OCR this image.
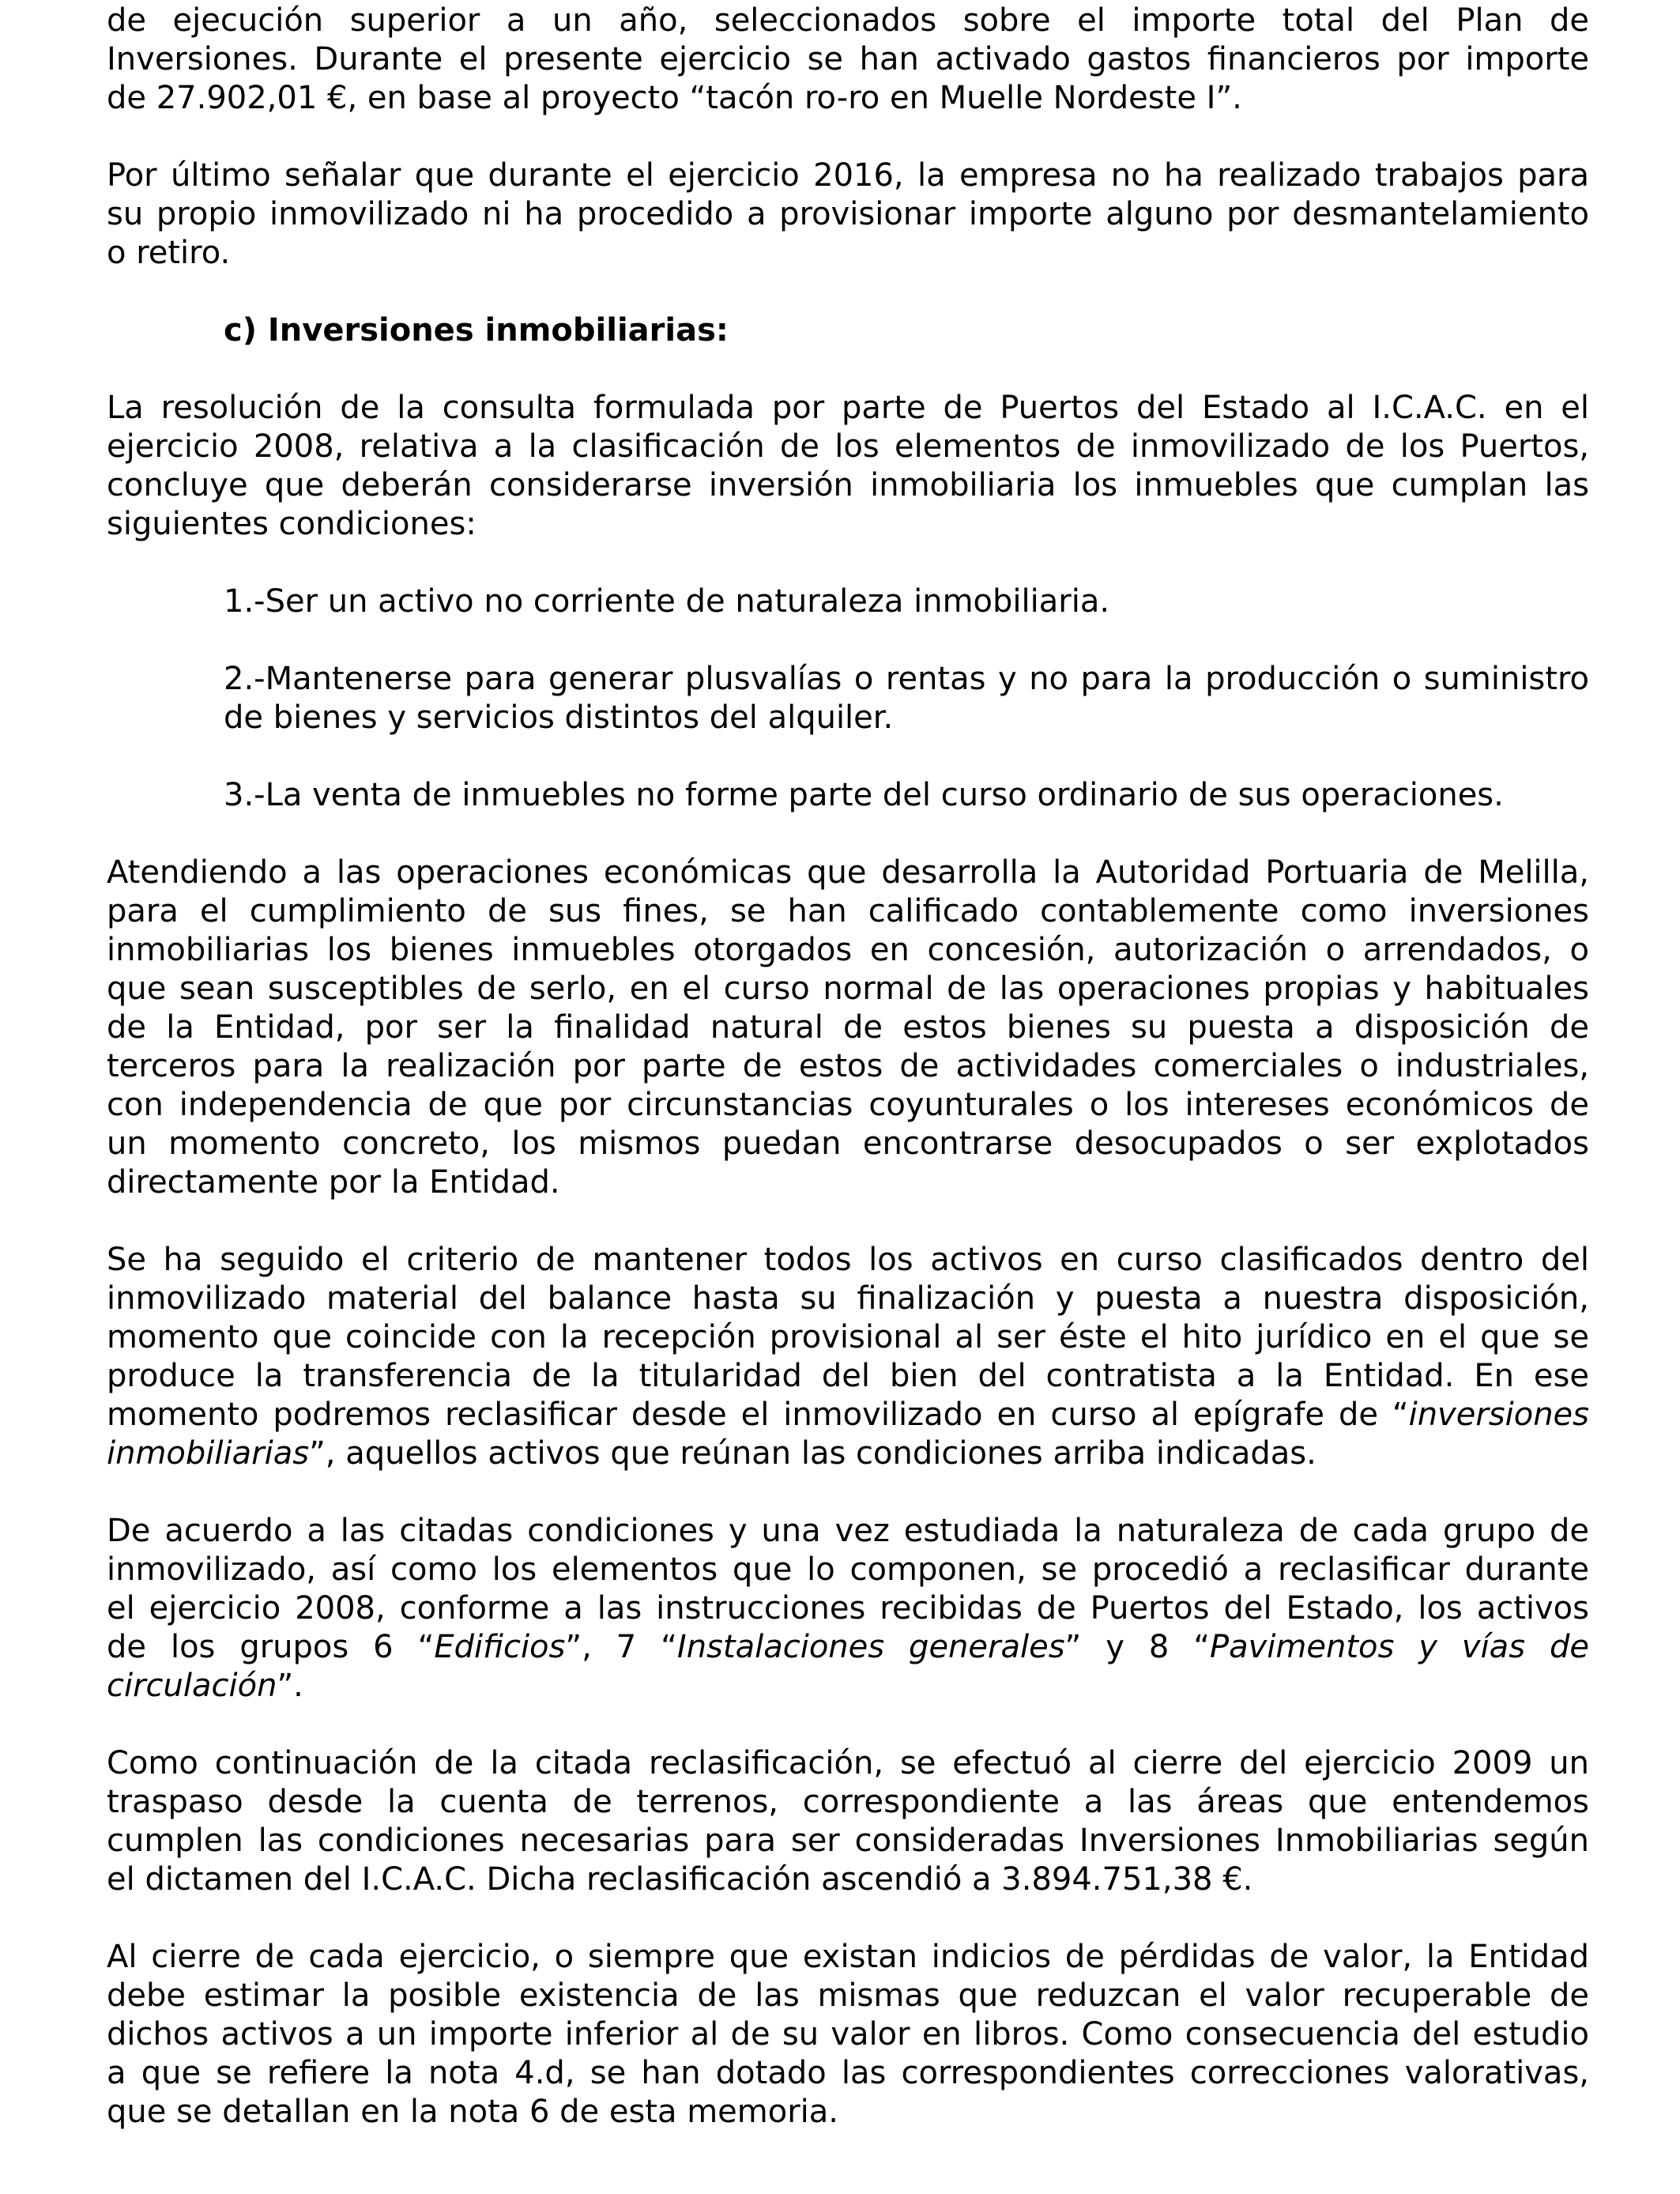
de ejecución superior a un año, seleccionados sobre el importe total del Plan de

Inversiones. Durante el presente ejercicio se han activado gastos financieros por importe

de 27.902,01 €, en base al proyecto “tacón ro-ro en Muelle Nordeste I”.

Por último señalar que durante el ejercicio 2016, la empresa no ha realizado trabajos para

su propio inmovilizado ni ha procedido a provisionar importe alguno por desmantelamiento

o retiro.

c) Inversiones inmobiliarias:

La resolución de la consulta formulada por parte de Puertos del Estado al I.C.A.C. en el

ejercicio 2008, relativa a la clasificación de los elementos de inmovilizado de los Puertos,

concluye que deberán considerarse inversión inmobiliaria los inmuebles que cumplan las

siguientes condiciones:

1.-Ser un activo no corriente de naturaleza inmobiliaria.

2.-Mantenerse para generar plusvalías o rentas y no para la producción o suministro

de bienes y servicios distintos del alquiler.

3.-La venta de inmuebles no forme parte del curso ordinario de sus operaciones.

Atendiendo a las operaciones económicas que desarrolla la Autoridad Portuaria de Melilla,

para el cumplimiento de sus fines, se han calificado contablemente como inversiones

inmobiliarias los bienes inmuebles otorgados en concesión, autorización o arrendados, o

que sean susceptibles de serlo, en el curso normal de las operaciones propias y habituales

de la Entidad, por ser la finalidad natural de estos bienes su puesta a disposición de

terceros para la realización por parte de estos de actividades comerciales o industriales,

con independencia de que por circunstancias coyunturales o los intereses económicos de

un momento concreto, los mismos puedan encontrarse desocupados o ser explotados

directamente por la Entidad.

Se ha seguido el criterio de mantener todos los activos en curso clasificados dentro del

inmovilizado material del balance hasta su finalización y puesta a nuestra disposición,

momento que coincide con la recepción provisional al ser éste el hito jurídico en el que se

produce la transferencia de la titularidad del bien del contratista a la Entidad. En ese

momento podremos reclasificar desde el inmovilizado en curso al epígrafe de “inversiones

inmobiliarias”, aquellos activos que reúnan las condiciones arriba indicadas.

De acuerdo a las citadas condiciones y una vez estudiada la naturaleza de cada grupo de

inmovilizado, así como los elementos que lo componen, se procedió a reclasificar durante

el ejercicio 2008, conforme a las instrucciones recibidas de Puertos del Estado, los activos

de los grupos 6 “Edificios”, 7 “Instalaciones generales” y 8 “Pavimentos y vías de

circulación”.

Como continuación de la citada reclasificación, se efectuó al cierre del ejercicio 2009 un

traspaso desde la cuenta de terrenos, correspondiente a las áreas que entendemos

cumplen las condiciones necesarias para ser consideradas Inversiones Inmobiliarias según

el dictamen del I.C.A.C. Dicha reclasificación ascendió a 3.894.751,38 €.

Al cierre de cada ejercicio, o siempre que existan indicios de pérdidas de valor, la Entidad

debe estimar la posible existencia de las mismas que reduzcan el valor recuperable de

dichos activos a un importe inferior al de su valor en libros. Como consecuencia del estudio

a que se refiere la nota 4.d, se han dotado las correspondientes correcciones valorativas,

que se detallan en la nota 6 de esta memoria.
